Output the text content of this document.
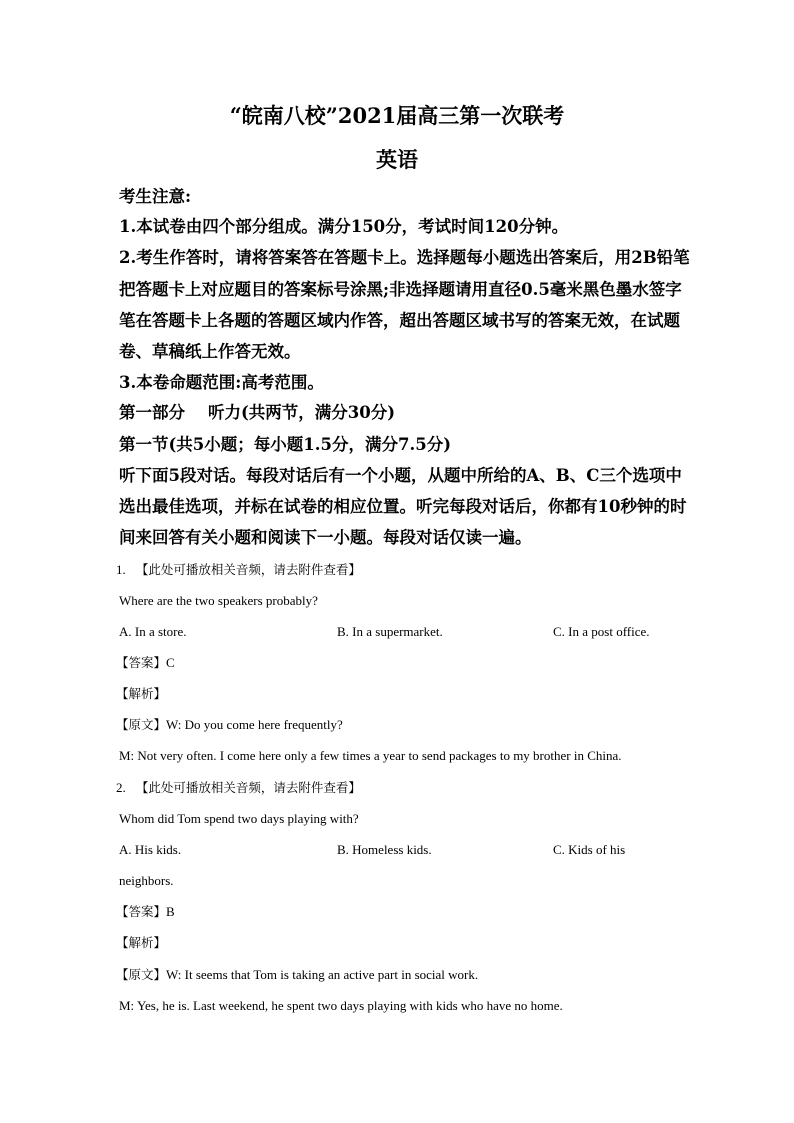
“皖南八校”2021届高三第一次联考
英语
考生注意:
1.本试卷由四个部分组成。满分150分，考试时间120分钟。
2.考生作答时，请将答案答在答题卡上。选择题每小题选出答案后，用2B铅笔
把答题卡上对应题目的答案标号涂黑;非选择题请用直径0.5毫米黑色墨水签字
笔在答题卡上各题的答题区域内作答，超出答题区域书写的答案无效，在试题
卷、草稿纸上作答无效。
3.本卷命题范围:高考范围。
第一部分    听力(共两节，满分30分)
第一节(共5小题；每小题1.5分，满分7.5分)
听下面5段对话。每段对话后有一个小题，从题中所给的A、B、C三个选项中
选出最佳选项，并标在试卷的相应位置。听完每段对话后，你都有10秒钟的时
间来回答有关小题和阅读下一小题。每段对话仅读一遍。
1. 【此处可播放相关音频，请去附件查看】
Where are the two speakers probably?
A. In a store.	B. In a supermarket.	C. In a post office.
【答案】C
【解析】
【原文】W: Do you come here frequently?
M: Not very often. I come here only a few times a year to send packages to my brother in China.
2. 【此处可播放相关音频，请去附件查看】
Whom did Tom spend two days playing with?
A. His kids.	B. Homeless kids.	C. Kids of his
neighbors.
【答案】B
【解析】
【原文】W: It seems that Tom is taking an active part in social work.
M: Yes, he is. Last weekend, he spent two days playing with kids who have no home.
